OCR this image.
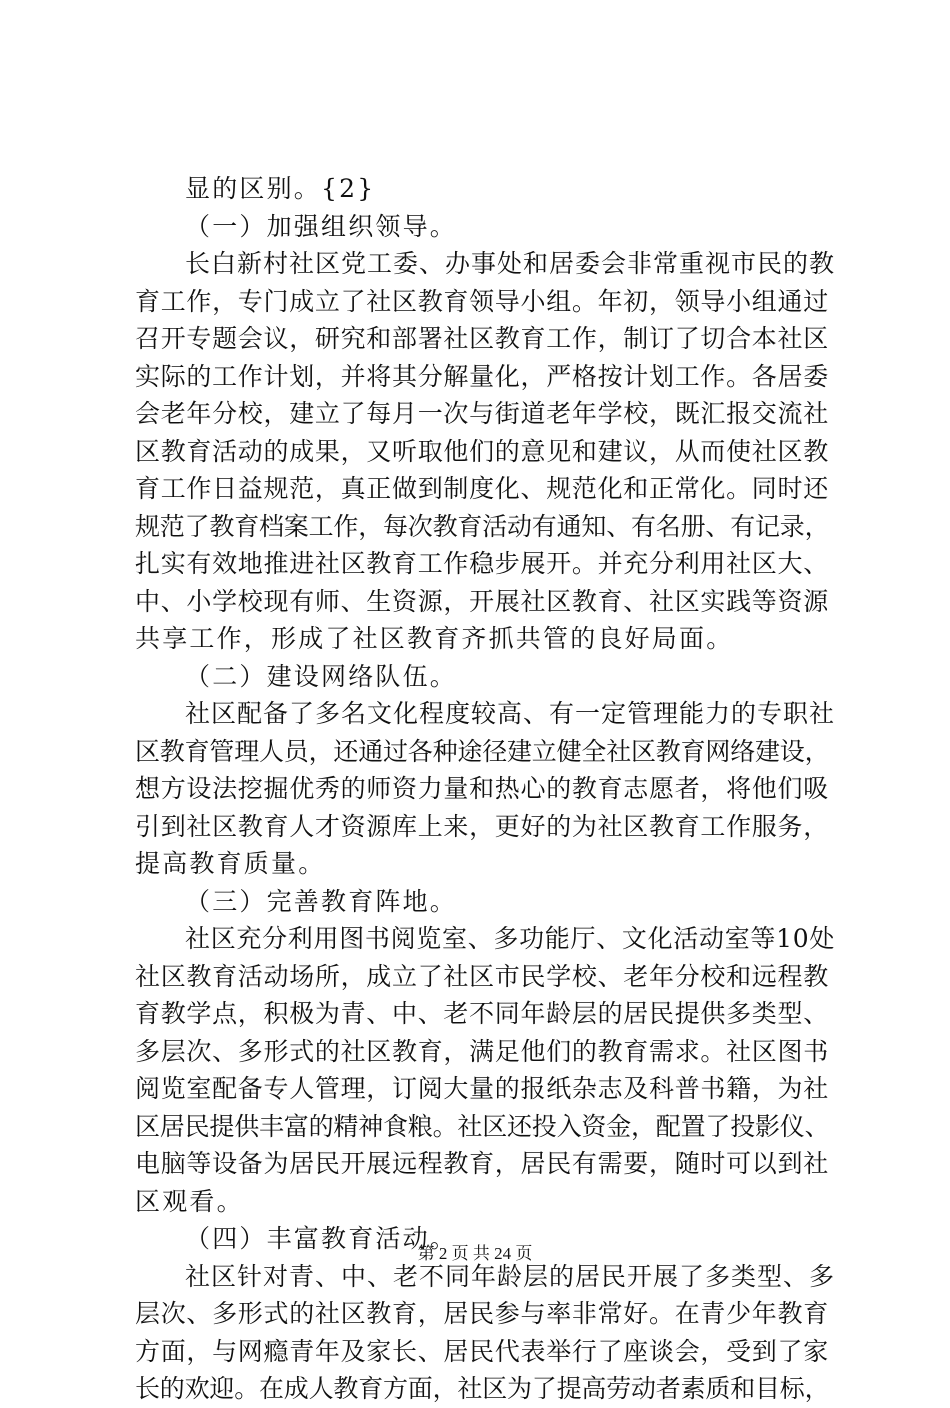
显的区别。{2}
（一）加强组织领导。
长白新村社区党工委、办事处和居委会非常重视市民的教
育工作，专门成立了社区教育领导小组。年初，领导小组通过
召开专题会议，研究和部署社区教育工作，制订了切合本社区
实际的工作计划，并将其分解量化，严格按计划工作。各居委
会老年分校，建立了每月一次与街道老年学校，既汇报交流社
区教育活动的成果，又听取他们的意见和建议，从而使社区教
育工作日益规范，真正做到制度化、规范化和正常化。同时还
规范了教育档案工作，每次教育活动有通知、有名册、有记录，
扎实有效地推进社区教育工作稳步展开。并充分利用社区大、
中、小学校现有师、生资源，开展社区教育、社区实践等资源
共享工作，形成了社区教育齐抓共管的良好局面。
（二）建设网络队伍。
社区配备了多名文化程度较高、有一定管理能力的专职社
区教育管理人员，还通过各种途径建立健全社区教育网络建设，
想方设法挖掘优秀的师资力量和热心的教育志愿者，将他们吸
引到社区教育人才资源库上来，更好的为社区教育工作服务，
提高教育质量。
（三）完善教育阵地。
社区充分利用图书阅览室、多功能厅、文化活动室等10处
社区教育活动场所，成立了社区市民学校、老年分校和远程教
育教学点，积极为青、中、老不同年龄层的居民提供多类型、
多层次、多形式的社区教育，满足他们的教育需求。社区图书
阅览室配备专人管理，订阅大量的报纸杂志及科普书籍，为社
区居民提供丰富的精神食粮。社区还投入资金，配置了投影仪、
电脑等设备为居民开展远程教育，居民有需要，随时可以到社
区观看。
（四）丰富教育活动。
社区针对青、中、老不同年龄层的居民开展了多类型、多
层次、多形式的社区教育，居民参与率非常好。在青少年教育
方面，与网瘾青年及家长、居民代表举行了座谈会，受到了家
长的欢迎。在成人教育方面，社区为了提高劳动者素质和目标，
第 2 页 共 24 页
